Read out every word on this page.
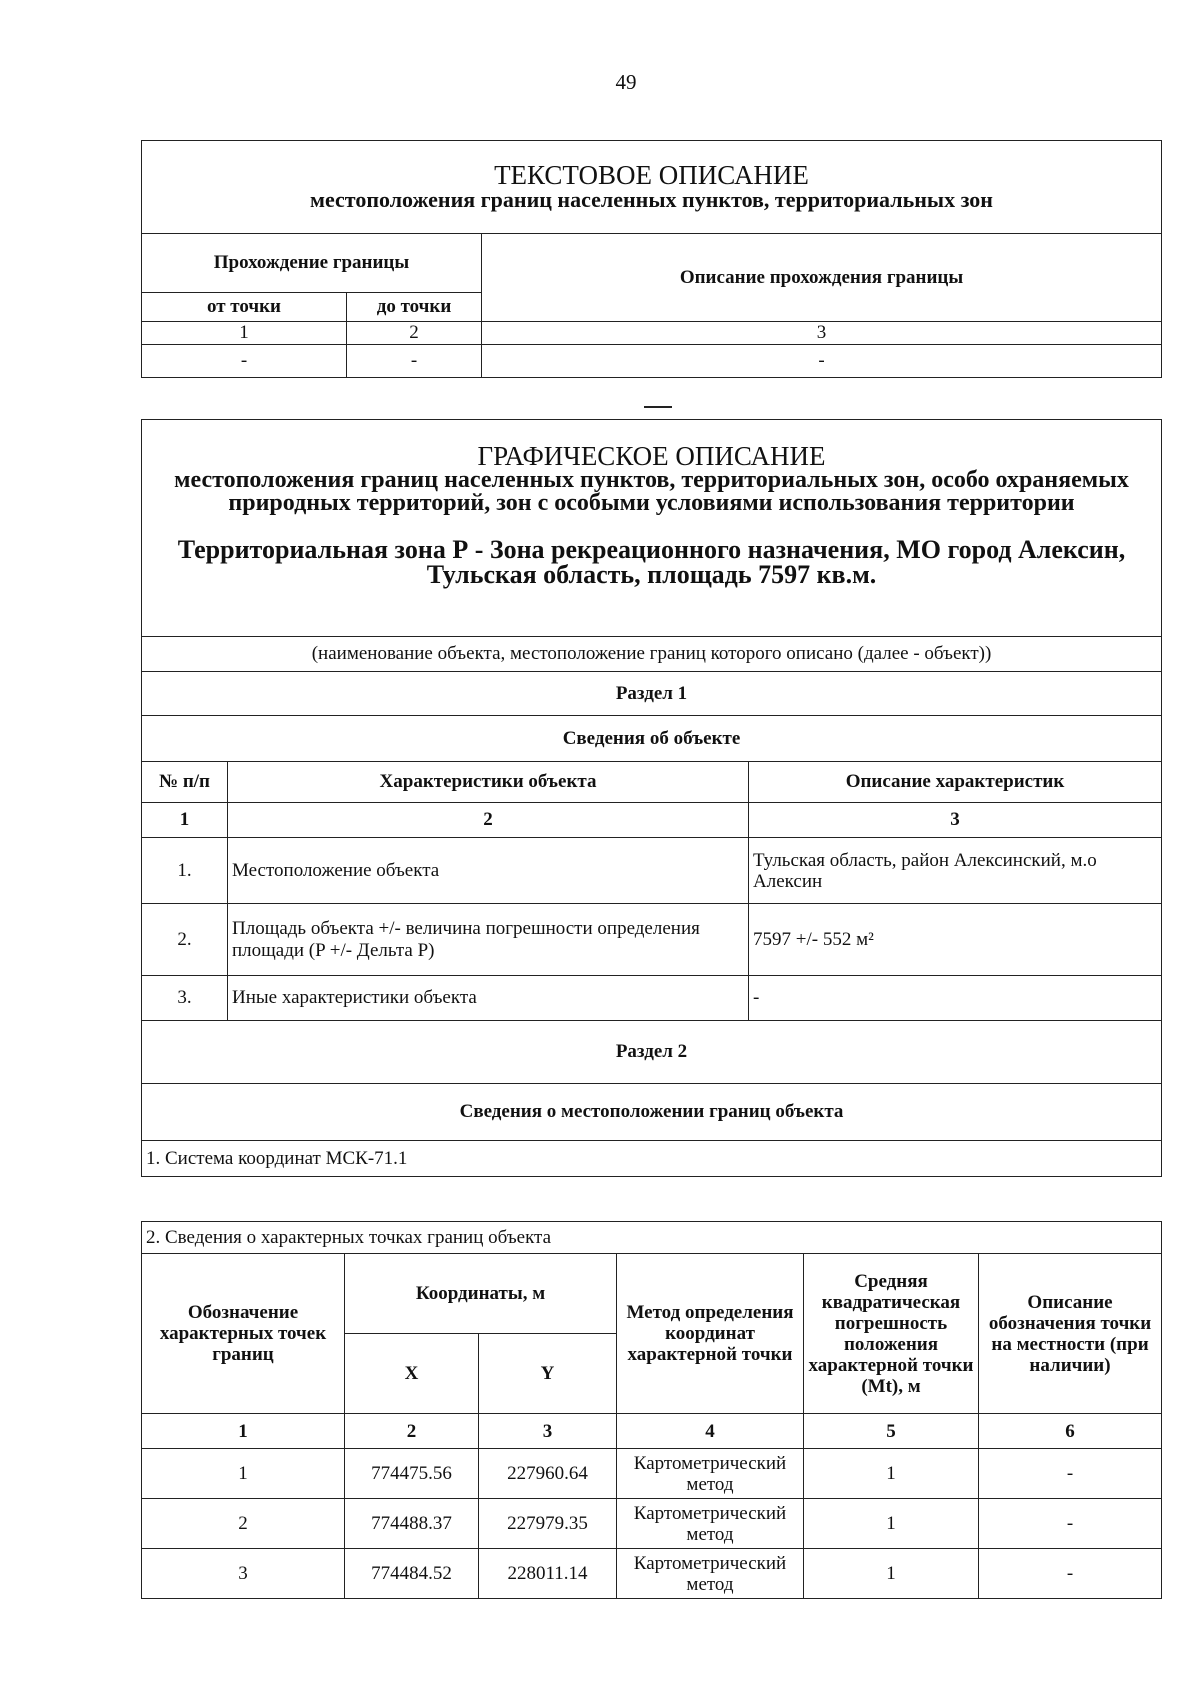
49
ТЕКСТОВОЕ ОПИСАНИЕ
местоположения границ населенных пунктов, территориальных зон		

Прохождение границы		Описание прохождения границы
от точки	до точки	
1	2	3
-	-	-
ГРАФИЧЕСКОЕ ОПИСАНИЕ
местоположения границ населенных пунктов, территориальных зон, особо охраняемых природных территорий, зон с особыми условиями использования территории
Территориальная зона Р - Зона рекреационного назначения, МО город Алексин, Тульская область, площадь 7597 кв.м.		

(наименование объекта, местоположение границ которого описано (далее - объект))		
Раздел 1		
Сведения об объекте		
№ п/п	Характеристики объекта	Описание характеристик
1	2	3
1.	Местоположение объекта	Тульская область, район Алексинский, м.о Алексин
2.	Площадь объекта +/- величина погрешности определения площади (P +/- Дельта P)	7597 +/- 552 м²
3.	Иные характеристики объекта	-
Раздел 2		
Сведения о местоположении границ объекта		
1. Система координат МСК-71.1		
2. Сведения о характерных точках границ объекта					
Обозначение характерных точек границ	Координаты, м		Метод определения координат характерной точки	Средняя квадратическая погрешность положения характерной точки (Mt), м	Описание обозначения точки на местности (при наличии)
	X	Y			
1	2	3	4	5	6
1	774475.56	227960.64	Картометрический метод	1	-
2	774488.37	227979.35	Картометрический метод	1	-
3	774484.52	228011.14	Картометрический метод	1	-
